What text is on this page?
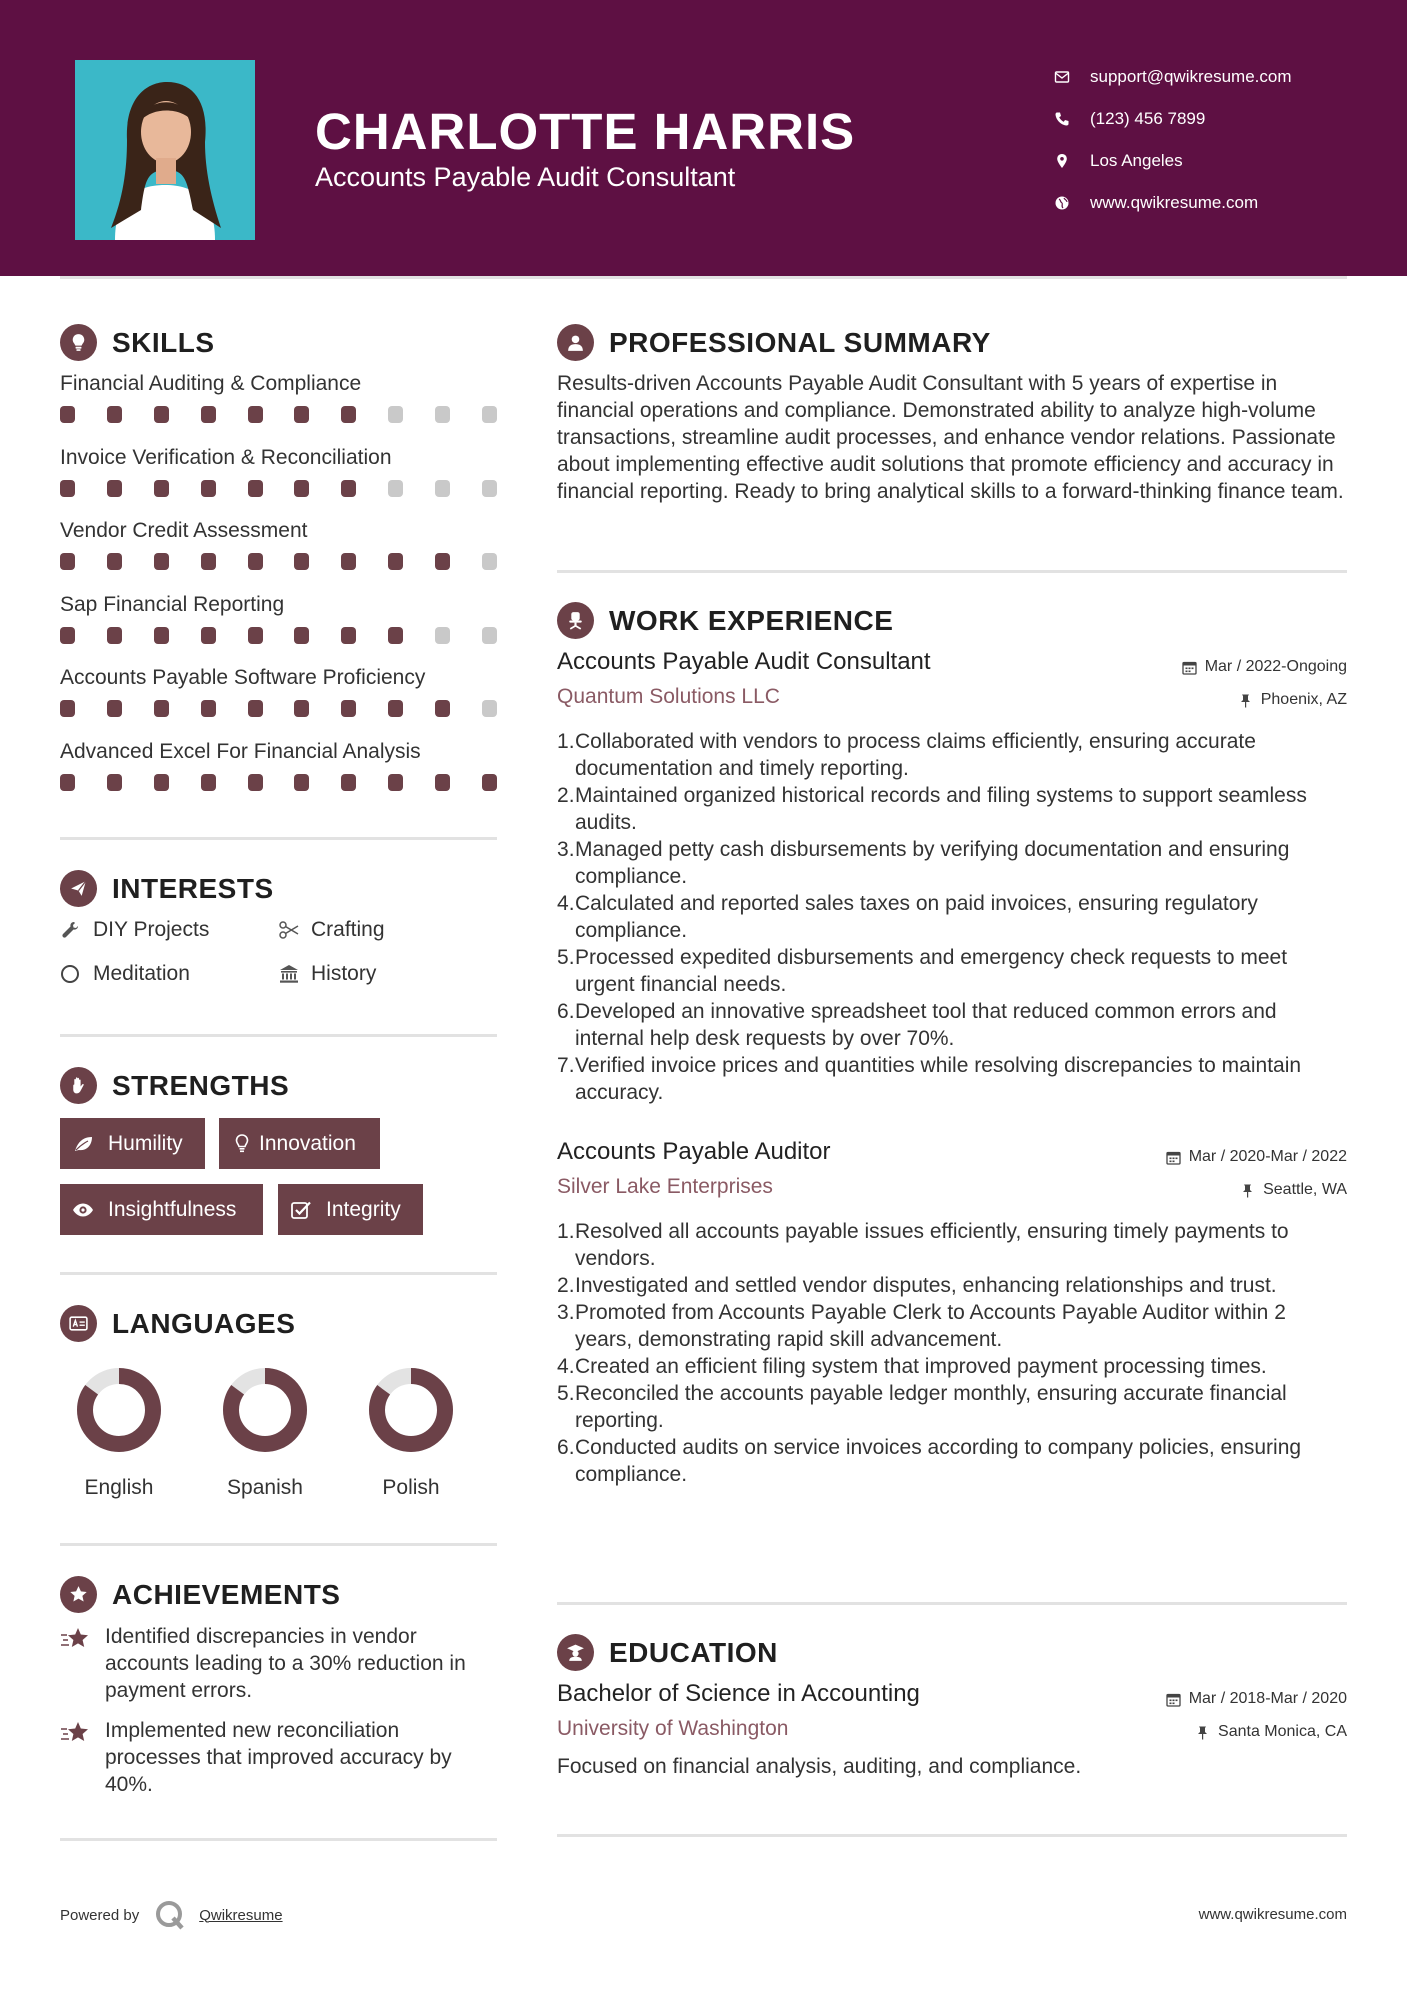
CHARLOTTE HARRIS
Accounts Payable Audit Consultant
support@qwikresume.com
(123) 456 7899
Los Angeles
www.qwikresume.com
SKILLS
Financial Auditing & Compliance
Invoice Verification & Reconciliation
Vendor Credit Assessment
Sap Financial Reporting
Accounts Payable Software Proficiency
Advanced Excel For Financial Analysis
INTERESTS
DIY Projects	Crafting
Meditation	History
STRENGTHS
Humility	Innovation
Insightfulness	Integrity
LANGUAGES
English	Spanish	Polish
ACHIEVEMENTS
Identified discrepancies in vendor accounts leading to a 30% reduction in payment errors.
Implemented new reconciliation processes that improved accuracy by 40%.
PROFESSIONAL SUMMARY
Results-driven Accounts Payable Audit Consultant with 5 years of expertise in financial operations and compliance. Demonstrated ability to analyze high-volume transactions, streamline audit processes, and enhance vendor relations. Passionate about implementing effective audit solutions that promote efficiency and accuracy in financial reporting. Ready to bring analytical skills to a forward-thinking finance team.
WORK EXPERIENCE
Accounts Payable Audit Consultant
Quantum Solutions LLC
Mar / 2022-Ongoing
Phoenix, AZ
Collaborated with vendors to process claims efficiently, ensuring accurate documentation and timely reporting.
Maintained organized historical records and filing systems to support seamless audits.
Managed petty cash disbursements by verifying documentation and ensuring compliance.
Calculated and reported sales taxes on paid invoices, ensuring regulatory compliance.
Processed expedited disbursements and emergency check requests to meet urgent financial needs.
Developed an innovative spreadsheet tool that reduced common errors and internal help desk requests by over 70%.
Verified invoice prices and quantities while resolving discrepancies to maintain accuracy.
Accounts Payable Auditor
Silver Lake Enterprises
Mar / 2020-Mar / 2022
Seattle, WA
Resolved all accounts payable issues efficiently, ensuring timely payments to vendors.
Investigated and settled vendor disputes, enhancing relationships and trust.
Promoted from Accounts Payable Clerk to Accounts Payable Auditor within 2 years, demonstrating rapid skill advancement.
Created an efficient filing system that improved payment processing times.
Reconciled the accounts payable ledger monthly, ensuring accurate financial reporting.
Conducted audits on service invoices according to company policies, ensuring compliance.
EDUCATION
Bachelor of Science in Accounting
University of Washington
Mar / 2018-Mar / 2020
Santa Monica, CA
Focused on financial analysis, auditing, and compliance.
Powered by	Qwikresume	www.qwikresume.com
